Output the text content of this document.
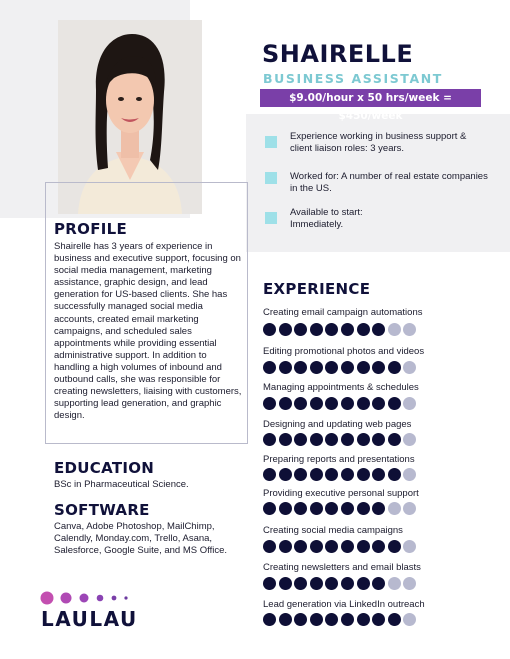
SHAIRELLE
BUSINESS ASSISTANT
$9.00/hour x 50 hrs/week = $450/week
Experience working in business support & client liaison roles: 3 years.
Worked for: A number of real estate companies in the US.
Available to start: Immediately.
PROFILE
Shairelle has 3 years of experience in business and executive support, focusing on social media management, marketing assistance, graphic design, and lead generation for US-based clients. She has successfully managed social media accounts, created email marketing campaigns, and scheduled sales appointments while providing essential administrative support. In addition to handling a high volumes of inbound and outbound calls, she was responsible for creating newsletters, liaising with customers, supporting lead generation, and graphic design.
EDUCATION
BSc in Pharmaceutical Science.
SOFTWARE
Canva, Adobe Photoshop, MailChimp, Calendly, Monday.com, Trello, Asana, Salesforce, Google Suite, and MS Office.
EXPERIENCE
Creating email campaign automations
Editing promotional photos and videos
Managing appointments & schedules
Designing and updating web pages
Preparing reports and presentations
Providing executive personal support
Creating social media campaigns
Creating newsletters and email blasts
Lead generation via LinkedIn outreach
LAULAU
